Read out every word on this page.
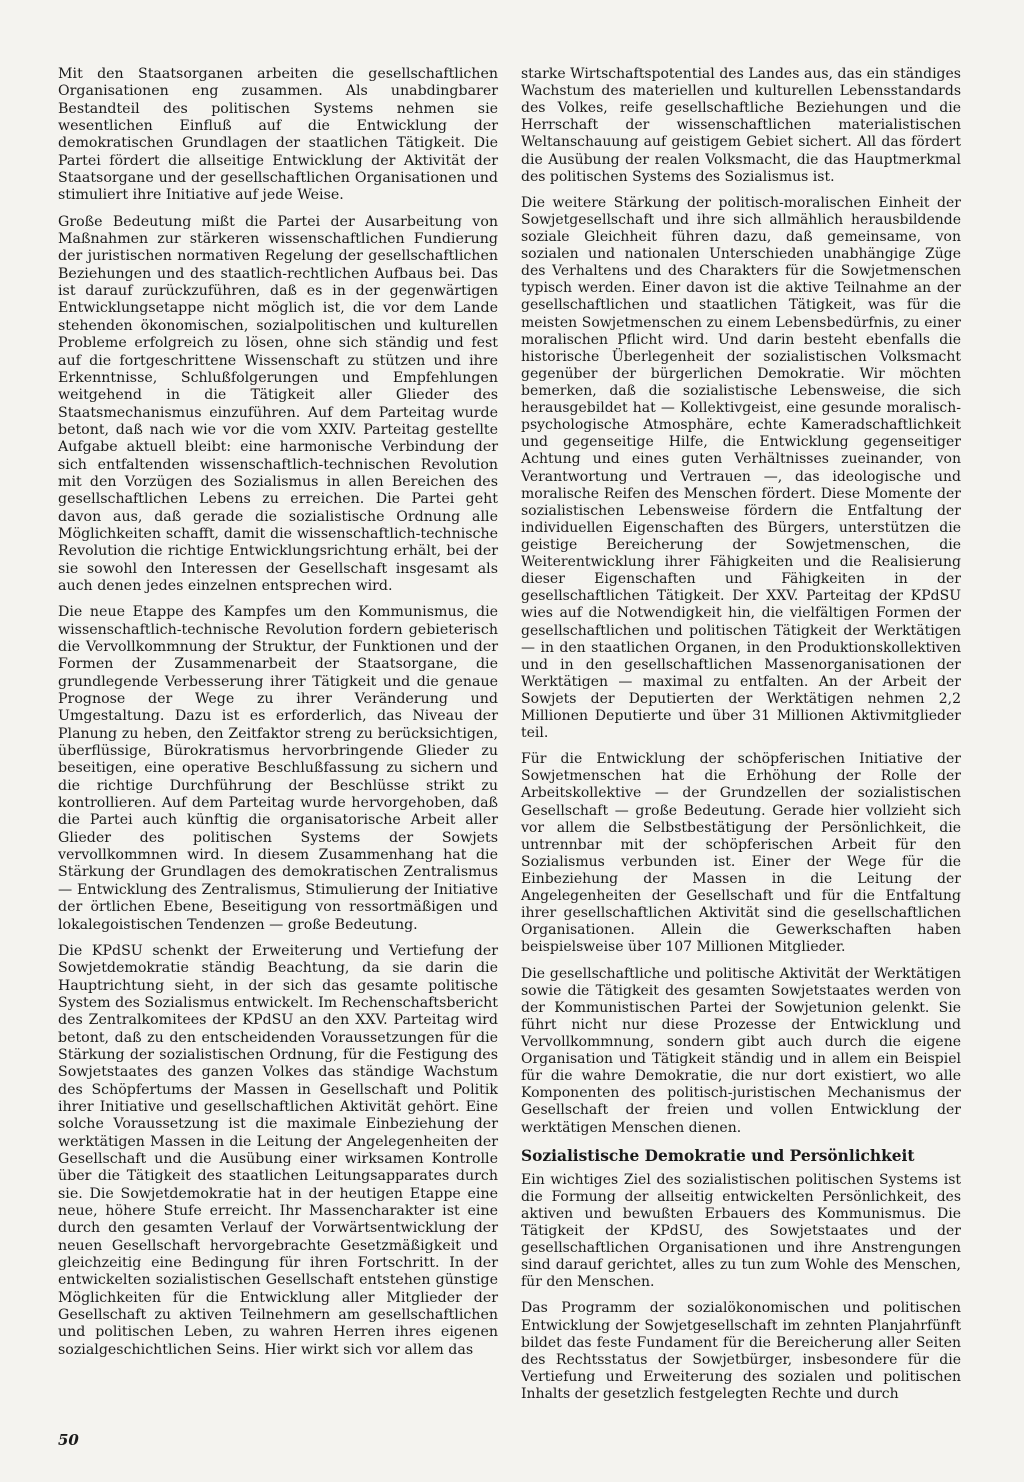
Mit den Staatsorganen arbeiten die gesellschaftlichen Organisationen eng zusammen. Als unabdingbarer Bestandteil des politischen Systems nehmen sie wesentlichen Einfluß auf die Entwicklung der demokratischen Grundlagen der staatlichen Tätigkeit. Die Partei fördert die allseitige Entwicklung der Aktivität der Staatsorgane und der gesellschaftlichen Organisationen und stimuliert ihre Initiative auf jede Weise.

Große Bedeutung mißt die Partei der Ausarbeitung von Maßnahmen zur stärkeren wissenschaftlichen Fundierung der juristischen normativen Regelung der gesellschaftlichen Beziehungen und des staatlich-rechtlichen Aufbaus bei. Das ist darauf zurückzuführen, daß es in der gegenwärtigen Entwicklungsetappe nicht möglich ist, die vor dem Lande stehenden ökonomischen, sozialpolitischen und kulturellen Probleme erfolgreich zu lösen, ohne sich ständig und fest auf die fortgeschrittene Wissenschaft zu stützen und ihre Erkenntnisse, Schlußfolgerungen und Empfehlungen weitgehend in die Tätigkeit aller Glieder des Staatsmechanismus einzuführen. Auf dem Parteitag wurde betont, daß nach wie vor die vom XXIV. Parteitag gestellte Aufgabe aktuell bleibt: eine harmonische Verbindung der sich entfaltenden wissenschaftlich-technischen Revolution mit den Vorzügen des Sozialismus in allen Bereichen des gesellschaftlichen Lebens zu erreichen. Die Partei geht davon aus, daß gerade die sozialistische Ordnung alle Möglichkeiten schafft, damit die wissenschaftlich-technische Revolution die richtige Entwicklungsrichtung erhält, bei der sie sowohl den Interessen der Gesellschaft insgesamt als auch denen jedes einzelnen entsprechen wird.

Die neue Etappe des Kampfes um den Kommunismus, die wissenschaftlich-technische Revolution fordern gebieterisch die Vervollkommnung der Struktur, der Funktionen und der Formen der Zusammenarbeit der Staatsorgane, die grundlegende Verbesserung ihrer Tätigkeit und die genaue Prognose der Wege zu ihrer Veränderung und Umgestaltung. Dazu ist es erforderlich, das Niveau der Planung zu heben, den Zeitfaktor streng zu berücksichtigen, überflüssige, Bürokratismus hervorbringende Glieder zu beseitigen, eine operative Beschlußfassung zu sichern und die richtige Durchführung der Beschlüsse strikt zu kontrollieren. Auf dem Parteitag wurde hervorgehoben, daß die Partei auch künftig die organisatorische Arbeit aller Glieder des politischen Systems der Sowjets vervollkommnen wird. In diesem Zusammenhang hat die Stärkung der Grundlagen des demokratischen Zentralismus — Entwicklung des Zentralismus, Stimulierung der Initiative der örtlichen Ebene, Beseitigung von ressortmäßigen und lokalegoistischen Tendenzen — große Bedeutung.

Die KPdSU schenkt der Erweiterung und Vertiefung der Sowjetdemokratie ständig Beachtung, da sie darin die Hauptrichtung sieht, in der sich das gesamte politische System des Sozialismus entwickelt. Im Rechenschaftsbericht des Zentralkomitees der KPdSU an den XXV. Parteitag wird betont, daß zu den entscheidenden Voraussetzungen für die Stärkung der sozialistischen Ordnung, für die Festigung des Sowjetstaates des ganzen Volkes das ständige Wachstum des Schöpfertums der Massen in Gesellschaft und Politik ihrer Initiative und gesellschaftlichen Aktivität gehört. Eine solche Voraussetzung ist die maximale Einbeziehung der werktätigen Massen in die Leitung der Angelegenheiten der Gesellschaft und die Ausübung einer wirksamen Kontrolle über die Tätigkeit des staatlichen Leitungsapparates durch sie. Die Sowjetdemokratie hat in der heutigen Etappe eine neue, höhere Stufe erreicht. Ihr Massencharakter ist eine durch den gesamten Verlauf der Vorwärtsentwicklung der neuen Gesellschaft hervorgebrachte Gesetzmäßigkeit und gleichzeitig eine Bedingung für ihren Fortschritt. In der entwickelten sozialistischen Gesellschaft entstehen günstige Möglichkeiten für die Entwicklung aller Mitglieder der Gesellschaft zu aktiven Teilnehmern am gesellschaftlichen und politischen Leben, zu wahren Herren ihres eigenen sozialgeschichtlichen Seins. Hier wirkt sich vor allem das

starke Wirtschaftspotential des Landes aus, das ein ständiges Wachstum des materiellen und kulturellen Lebensstandards des Volkes, reife gesellschaftliche Beziehungen und die Herrschaft der wissenschaftlichen materialistischen Weltanschauung auf geistigem Gebiet sichert. All das fördert die Ausübung der realen Volksmacht, die das Hauptmerkmal des politischen Systems des Sozialismus ist.

Die weitere Stärkung der politisch-moralischen Einheit der Sowjetgesellschaft und ihre sich allmählich herausbildende soziale Gleichheit führen dazu, daß gemeinsame, von sozialen und nationalen Unterschieden unabhängige Züge des Verhaltens und des Charakters für die Sowjetmenschen typisch werden. Einer davon ist die aktive Teilnahme an der gesellschaftlichen und staatlichen Tätigkeit, was für die meisten Sowjetmenschen zu einem Lebensbedürfnis, zu einer moralischen Pflicht wird. Und darin besteht ebenfalls die historische Überlegenheit der sozialistischen Volksmacht gegenüber der bürgerlichen Demokratie. Wir möchten bemerken, daß die sozialistische Lebensweise, die sich herausgebildet hat — Kollektivgeist, eine gesunde moralisch-psychologische Atmosphäre, echte Kameradschaftlichkeit und gegenseitige Hilfe, die Entwicklung gegenseitiger Achtung und eines guten Verhältnisses zueinander, von Verantwortung und Vertrauen —, das ideologische und moralische Reifen des Menschen fördert. Diese Momente der sozialistischen Lebensweise fördern die Entfaltung der individuellen Eigenschaften des Bürgers, unterstützen die geistige Bereicherung der Sowjetmenschen, die Weiterentwicklung ihrer Fähigkeiten und die Realisierung dieser Eigenschaften und Fähigkeiten in der gesellschaftlichen Tätigkeit. Der XXV. Parteitag der KPdSU wies auf die Notwendigkeit hin, die vielfältigen Formen der gesellschaftlichen und politischen Tätigkeit der Werktätigen — in den staatlichen Organen, in den Produktionskollektiven und in den gesellschaftlichen Massenorganisationen der Werktätigen — maximal zu entfalten. An der Arbeit der Sowjets der Deputierten der Werktätigen nehmen 2,2 Millionen Deputierte und über 31 Millionen Aktivmitglieder teil.

Für die Entwicklung der schöpferischen Initiative der Sowjetmenschen hat die Erhöhung der Rolle der Arbeitskollektive — der Grundzellen der sozialistischen Gesellschaft — große Bedeutung. Gerade hier vollzieht sich vor allem die Selbstbestätigung der Persönlichkeit, die untrennbar mit der schöpferischen Arbeit für den Sozialismus verbunden ist. Einer der Wege für die Einbeziehung der Massen in die Leitung der Angelegenheiten der Gesellschaft und für die Entfaltung ihrer gesellschaftlichen Aktivität sind die gesellschaftlichen Organisationen. Allein die Gewerkschaften haben beispielsweise über 107 Millionen Mitglieder.

Die gesellschaftliche und politische Aktivität der Werktätigen sowie die Tätigkeit des gesamten Sowjetstaates werden von der Kommunistischen Partei der Sowjetunion gelenkt. Sie führt nicht nur diese Prozesse der Entwicklung und Vervollkommnung, sondern gibt auch durch die eigene Organisation und Tätigkeit ständig und in allem ein Beispiel für die wahre Demokratie, die nur dort existiert, wo alle Komponenten des politisch-juristischen Mechanismus der Gesellschaft der freien und vollen Entwicklung der werktätigen Menschen dienen.

Sozialistische Demokratie und Persönlichkeit

Ein wichtiges Ziel des sozialistischen politischen Systems ist die Formung der allseitig entwickelten Persönlichkeit, des aktiven und bewußten Erbauers des Kommunismus. Die Tätigkeit der KPdSU, des Sowjetstaates und der gesellschaftlichen Organisationen und ihre Anstrengungen sind darauf gerichtet, alles zu tun zum Wohle des Menschen, für den Menschen.

Das Programm der sozialökonomischen und politischen Entwicklung der Sowjetgesellschaft im zehnten Planjahrfünft bildet das feste Fundament für die Bereicherung aller Seiten des Rechtsstatus der Sowjetbürger, insbesondere für die Vertiefung und Erweiterung des sozialen und politischen Inhalts der gesetzlich festgelegten Rechte und durch

50
